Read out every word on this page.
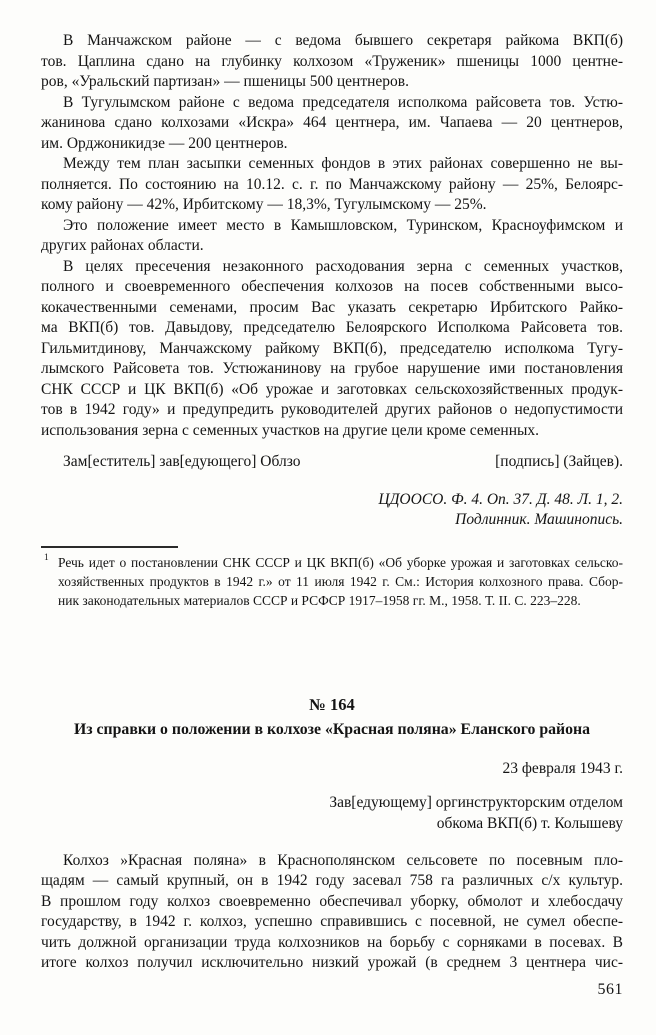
В Манчажском районе — с ведома бывшего секретаря райкома ВКП(б)
тов. Цаплина сдано на глубинку колхозом «Труженик» пшеницы 1000 центне-
ров, «Уральский партизан» — пшеницы 500 центнеров.
В Тугулымском районе с ведома председателя исполкома райсовета тов. Устю-
жанинова сдано колхозами «Искра» 464 центнера, им. Чапаева — 20 центнеров,
им. Орджоникидзе — 200 центнеров.
Между тем план засыпки семенных фондов в этих районах совершенно не вы-
полняется. По состоянию на 10.12. с. г. по Манчажскому району — 25%, Белоярс-
кому району — 42%, Ирбитскому — 18,3%, Тугулымскому — 25%.
Это положение имеет место в Камышловском, Туринском, Красноуфимском и
других районах области.
В целях пресечения незаконного расходования зерна с семенных участков,
полного и своевременного обеспечения колхозов на посев собственными высо-
кокачественными семенами, просим Вас указать секретарю Ирбитского Райко-
ма ВКП(б) тов. Давыдову, председателю Белоярского Исполкома Райсовета тов.
Гильмитдинову, Манчажскому райкому ВКП(б), председателю исполкома Тугу-
лымского Райсовета тов. Устюжанинову на грубое нарушение ими постановления
СНК СССР и ЦК ВКП(б) «Об урожае и заготовках сельскохозяйственных продук-
тов в 1942 году» и предупредить руководителей других районов о недопустимости
использования зерна с семенных участков на другие цели кроме семенных.
Зам[еститель] зав[едующего] Облзо	[подпись] (Зайцев).
ЦДООСО. Ф. 4. Оп. 37. Д. 48. Л. 1, 2.
Подлинник. Машинопись.
1 Речь идет о постановлении СНК СССР и ЦК ВКП(б) «Об уборке урожая и заготовках сельско-
хозяйственных продуктов в 1942 г.» от 11 июля 1942 г. См.: История колхозного права. Сбор-
ник законодательных материалов СССР и РСФСР 1917–1958 гг. М., 1958. Т. II. С. 223–228.
№ 164
Из справки о положении в колхозе «Красная поляна» Еланского района
23 февраля 1943 г.
Зав[едующему] оргинструкторским отделом
обкома ВКП(б) т. Колышеву
Колхоз »Красная поляна» в Краснополянском сельсовете по посевным пло-
щадям — самый крупный, он в 1942 году засевал 758 га различных с/х культур.
В прошлом году колхоз своевременно обеспечивал уборку, обмолот и хлебосдачу
государству, в 1942 г. колхоз, успешно справившись с посевной, не сумел обеспе-
чить должной организации труда колхозников на борьбу с сорняками в посевах. В
итоге колхоз получил исключительно низкий урожай (в среднем 3 центнера чис-
561
